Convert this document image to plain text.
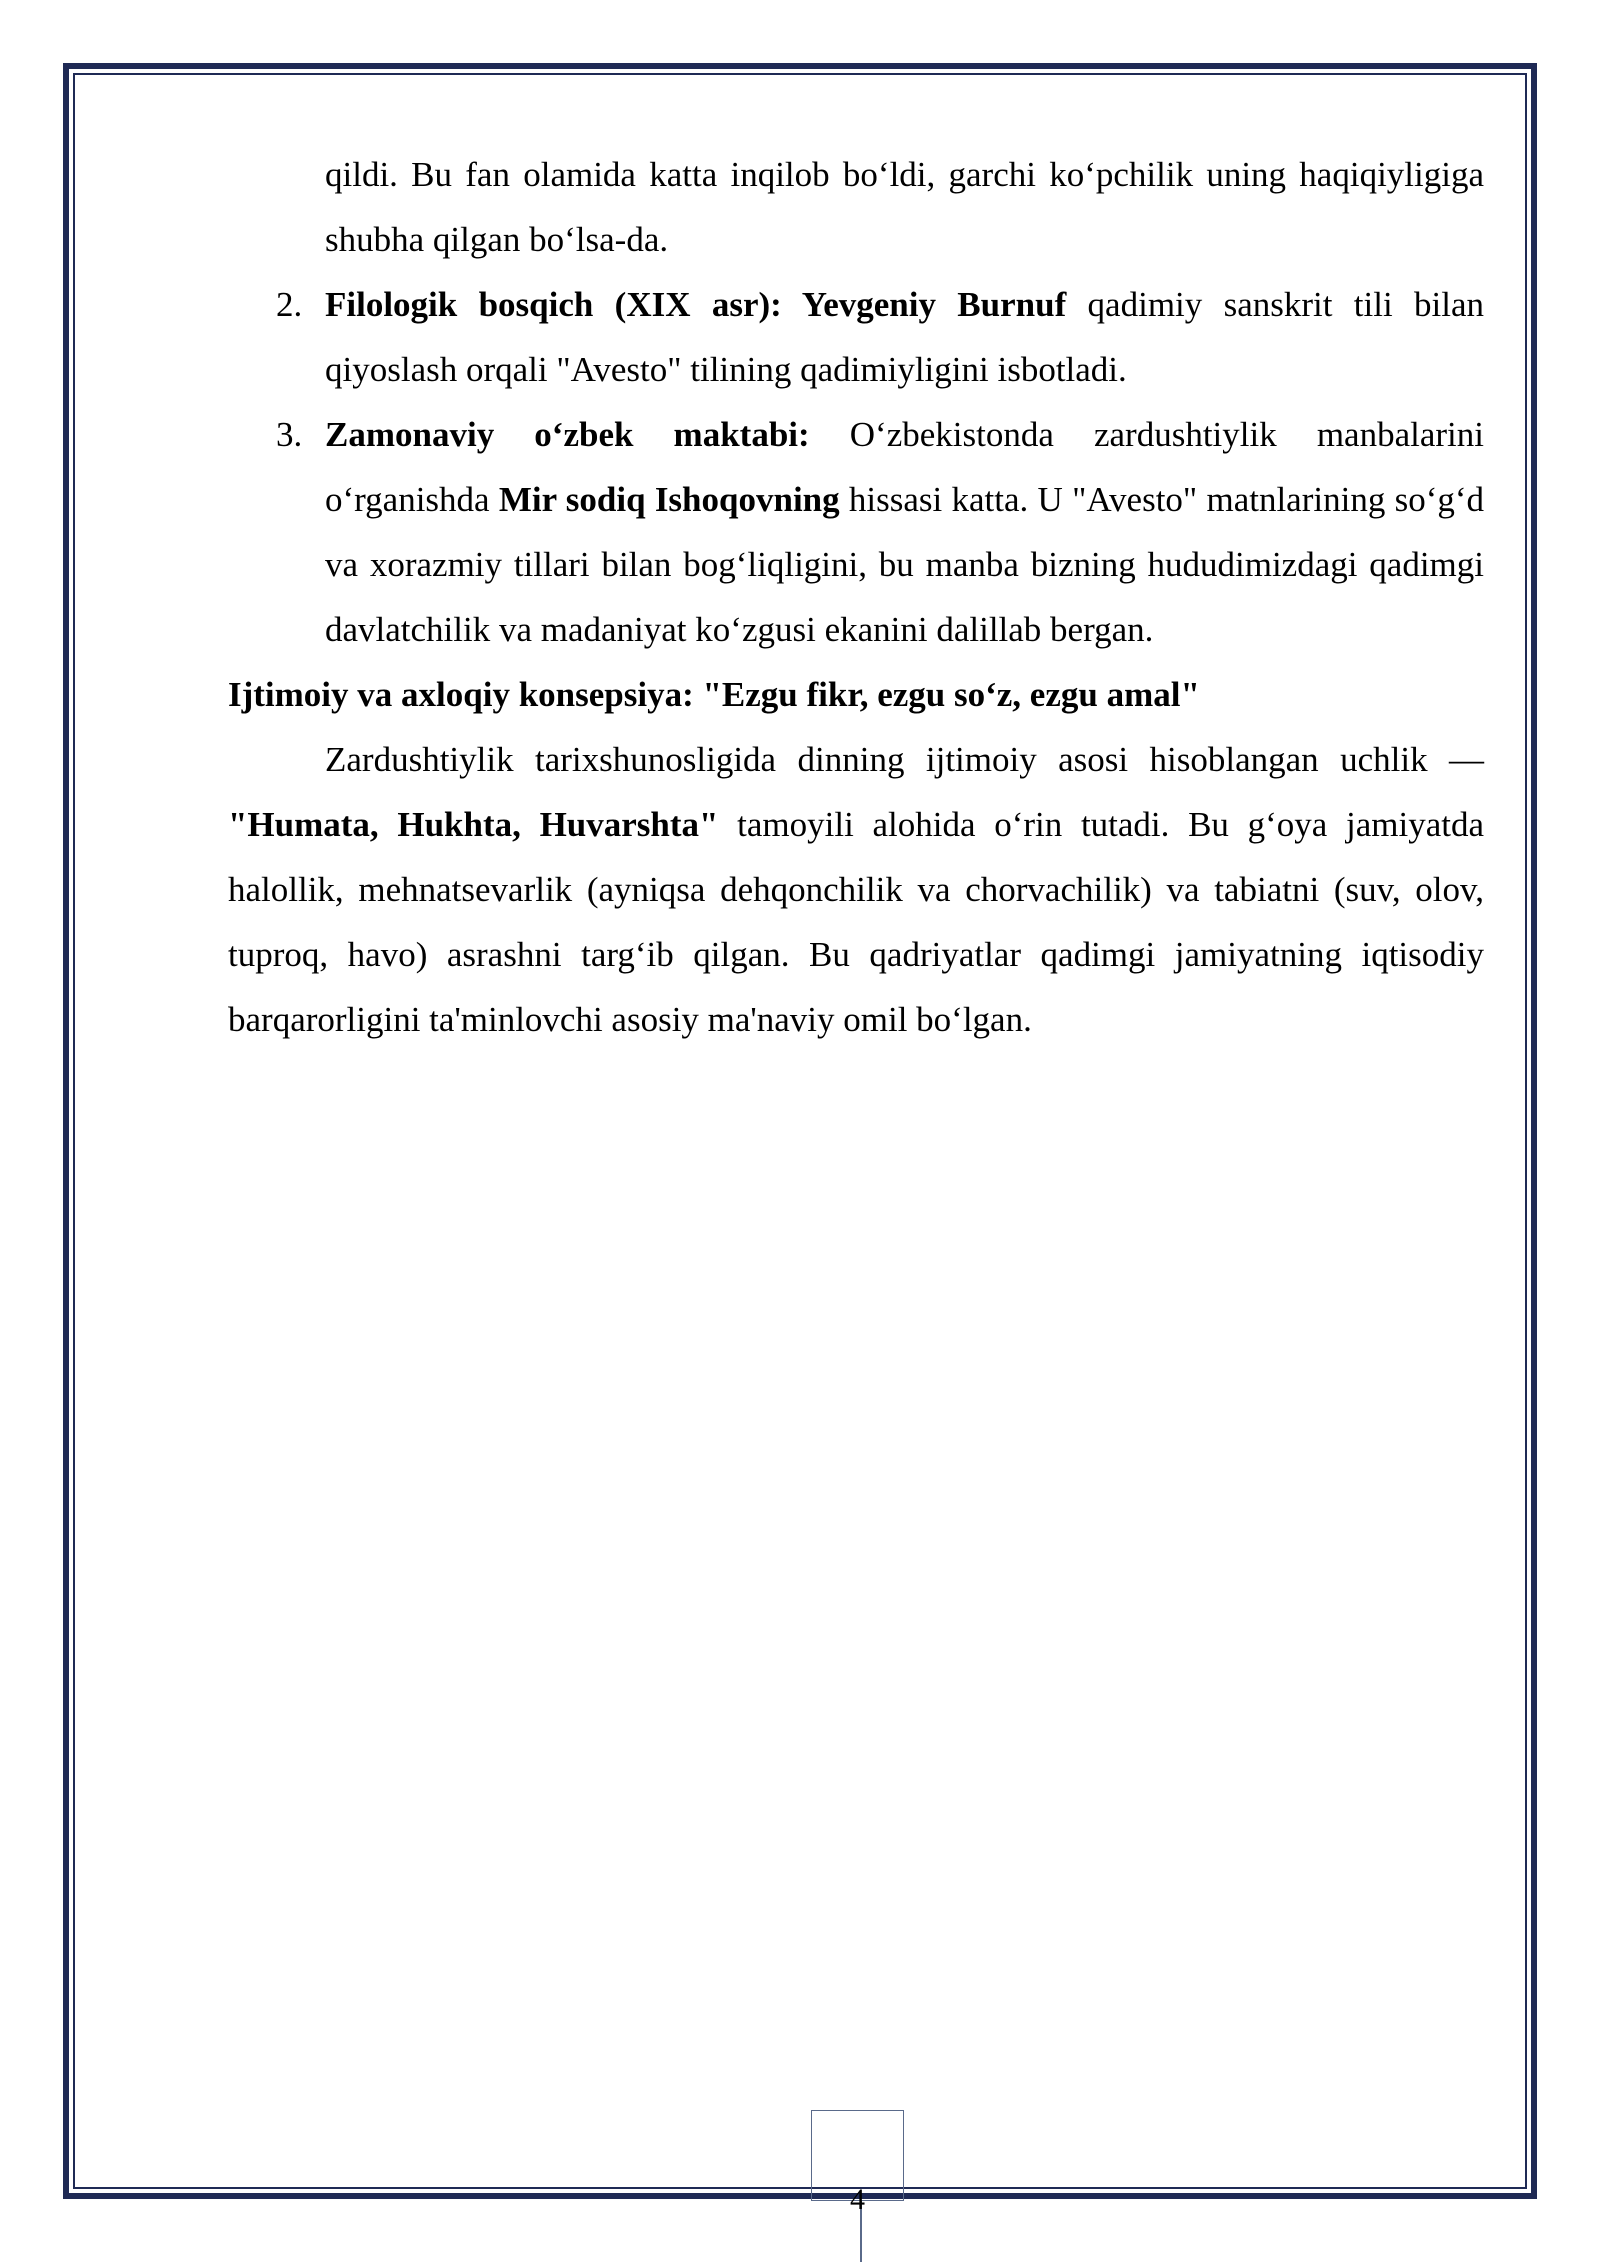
qildi. Bu fan olamida katta inqilob bo‘ldi, garchi ko‘pchilik uning haqiqiyligiga shubha qilgan bo‘lsa-da.

2. Filologik bosqich (XIX asr): Yevgeniy Burnuf qadimiy sanskrit tili bilan qiyoslash orqali "Avesto" tilining qadimiyligini isbotladi.
3. Zamonaviy o‘zbek maktabi: O‘zbekistonda zardushtiylik manbalarini o‘rganishda Mir sodiq Ishoqovning hissasi katta. U "Avesto" matnlarining so‘g‘d va xorazmiy tillari bilan bog‘liqligini, bu manba bizning hududimizdagi qadimgi davlatchilik va madaniyat ko‘zgusi ekanini dalillab bergan.

Ijtimoiy va axloqiy konsepsiya: "Ezgu fikr, ezgu so‘z, ezgu amal"

Zardushtiylik tarixshunosligida dinning ijtimoiy asosi hisoblangan uchlik — "Humata, Hukhta, Huvarshta" tamoyili alohida o‘rin tutadi. Bu g‘oya jamiyatda halollik, mehnatsevarlik (ayniqsa dehqonchilik va chorvachilik) va tabiatni (suv, olov, tuproq, havo) asrashni targ‘ib qilgan. Bu qadriyatlar qadimgi jamiyatning iqtisodiy barqarorligini ta'minlovchi asosiy ma'naviy omil bo‘lgan.

4
